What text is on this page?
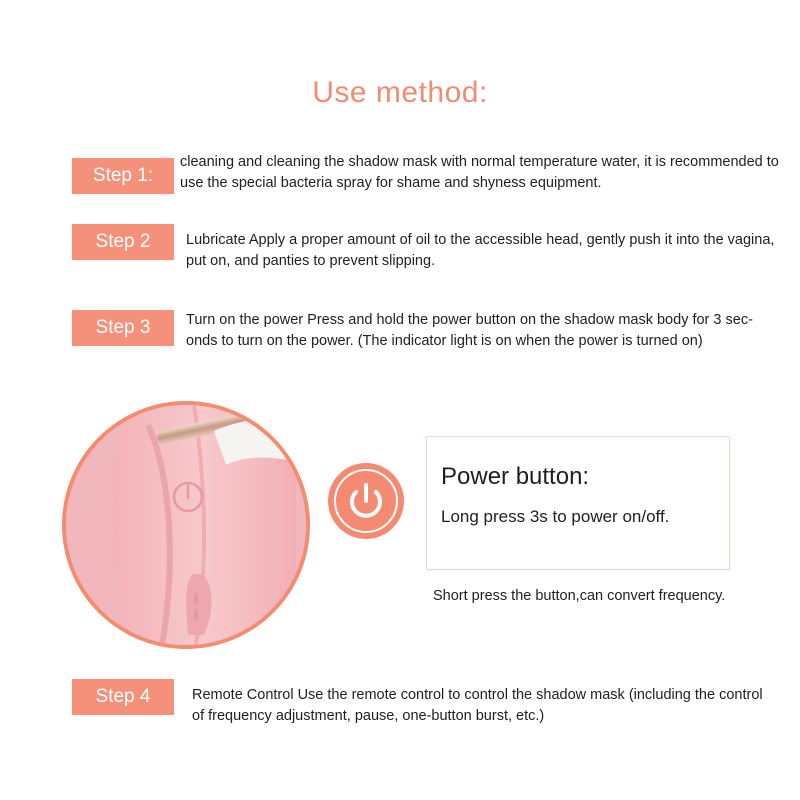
Use method:
Step 1:
cleaning and cleaning the shadow mask with normal temperature water, it is recommended to
use the special bacteria spray for shame and shyness equipment.
Step 2	Lubricate Apply a proper amount of oil to the accessible head, gently push it into the vagina,
put on, and panties to prevent slipping.
Step 3	Turn on the power Press and hold the power button on the shadow mask body for 3 sec-
onds to turn on the power. (The indicator light is on when the power is turned on)
Power button:
Long press 3s to power on/off.
Short press the button,can convert frequency.
Step 4	Remote Control Use the remote control to control the shadow mask (including the control
of frequency adjustment, pause, one-button burst, etc.)
